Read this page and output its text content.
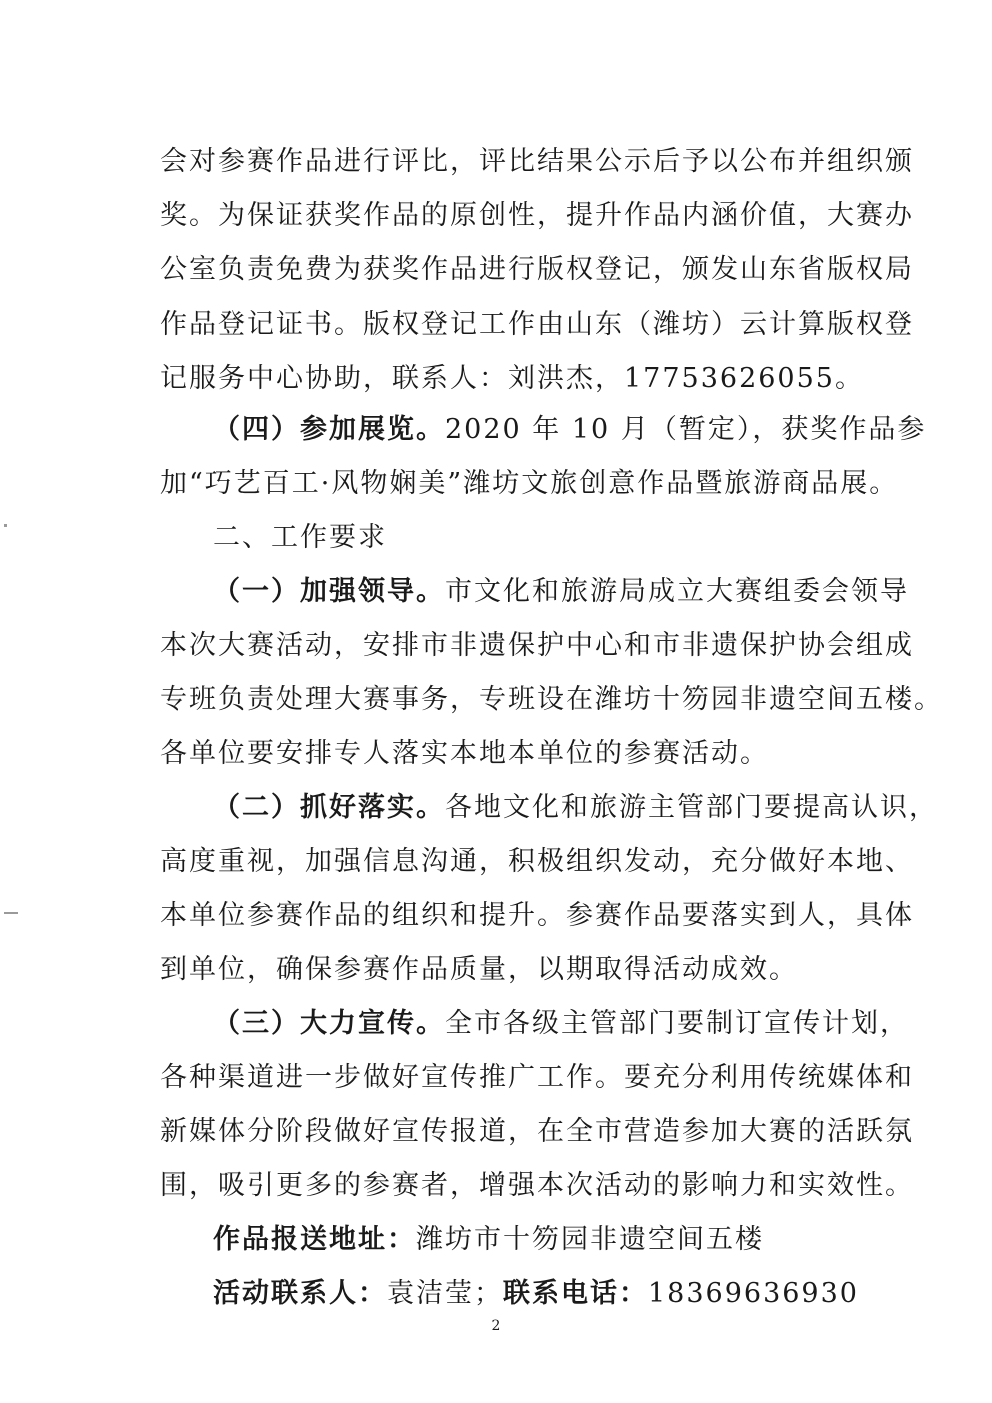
会对参赛作品进行评比，评比结果公示后予以公布并组织颁
奖。为保证获奖作品的原创性，提升作品内涵价值，大赛办
公室负责免费为获奖作品进行版权登记，颁发山东省版权局
作品登记证书。版权登记工作由山东（潍坊）云计算版权登
记服务中心协助，联系人：刘洪杰，17753626055。
（四）参加展览。2020 年 10 月（暂定），获奖作品参
加“巧艺百工·风物娴美”潍坊文旅创意作品暨旅游商品展。
二、工作要求
（一）加强领导。市文化和旅游局成立大赛组委会领导
本次大赛活动，安排市非遗保护中心和市非遗保护协会组成
专班负责处理大赛事务，专班设在潍坊十笏园非遗空间五楼。
各单位要安排专人落实本地本单位的参赛活动。
（二）抓好落实。各地文化和旅游主管部门要提高认识，
高度重视，加强信息沟通，积极组织发动，充分做好本地、
本单位参赛作品的组织和提升。参赛作品要落实到人，具体
到单位，确保参赛作品质量，以期取得活动成效。
（三）大力宣传。全市各级主管部门要制订宣传计划，
各种渠道进一步做好宣传推广工作。要充分利用传统媒体和
新媒体分阶段做好宣传报道，在全市营造参加大赛的活跃氛
围，吸引更多的参赛者，增强本次活动的影响力和实效性。
作品报送地址：潍坊市十笏园非遗空间五楼
活动联系人：袁洁莹；联系电话：18369636930
2
